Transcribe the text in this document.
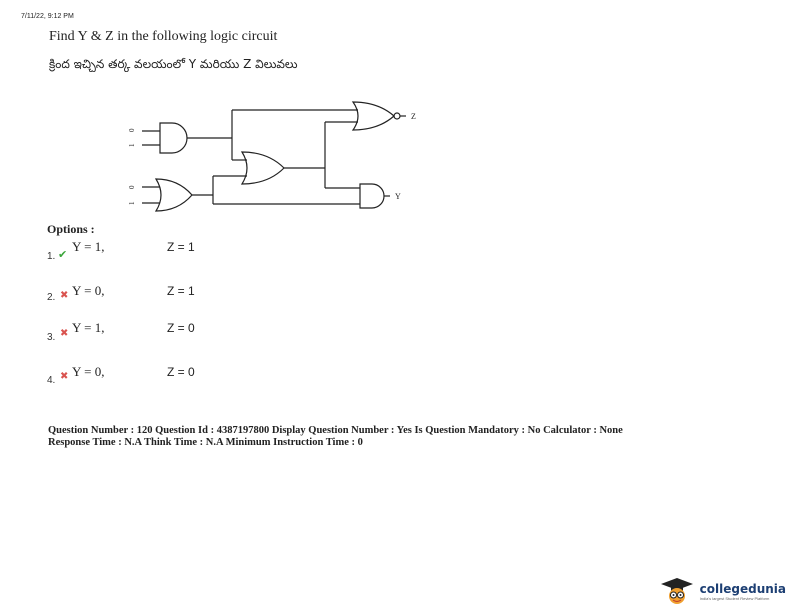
7/11/22, 9:12 PM
Find Y & Z in the following logic circuit
క్రింద ఇచ్చిన తర్క వలయంలో Y మరియు Z విలువలు
0
1
0
1
Z
Y
Options :
1. ✔
Y = 1,	Z = 1
2. ✖ Y = 0,	Z = 1
3. ✖ Y = 1,	Z = 0
4. ✖ Y = 0,	Z = 0
Question Number : 120 Question Id : 4387197800 Display Question Number : Yes Is Question Mandatory : No Calculator : None
Response Time : N.A Think Time : N.A Minimum Instruction Time : 0
collegedunia
India's largest Student Review Platform
